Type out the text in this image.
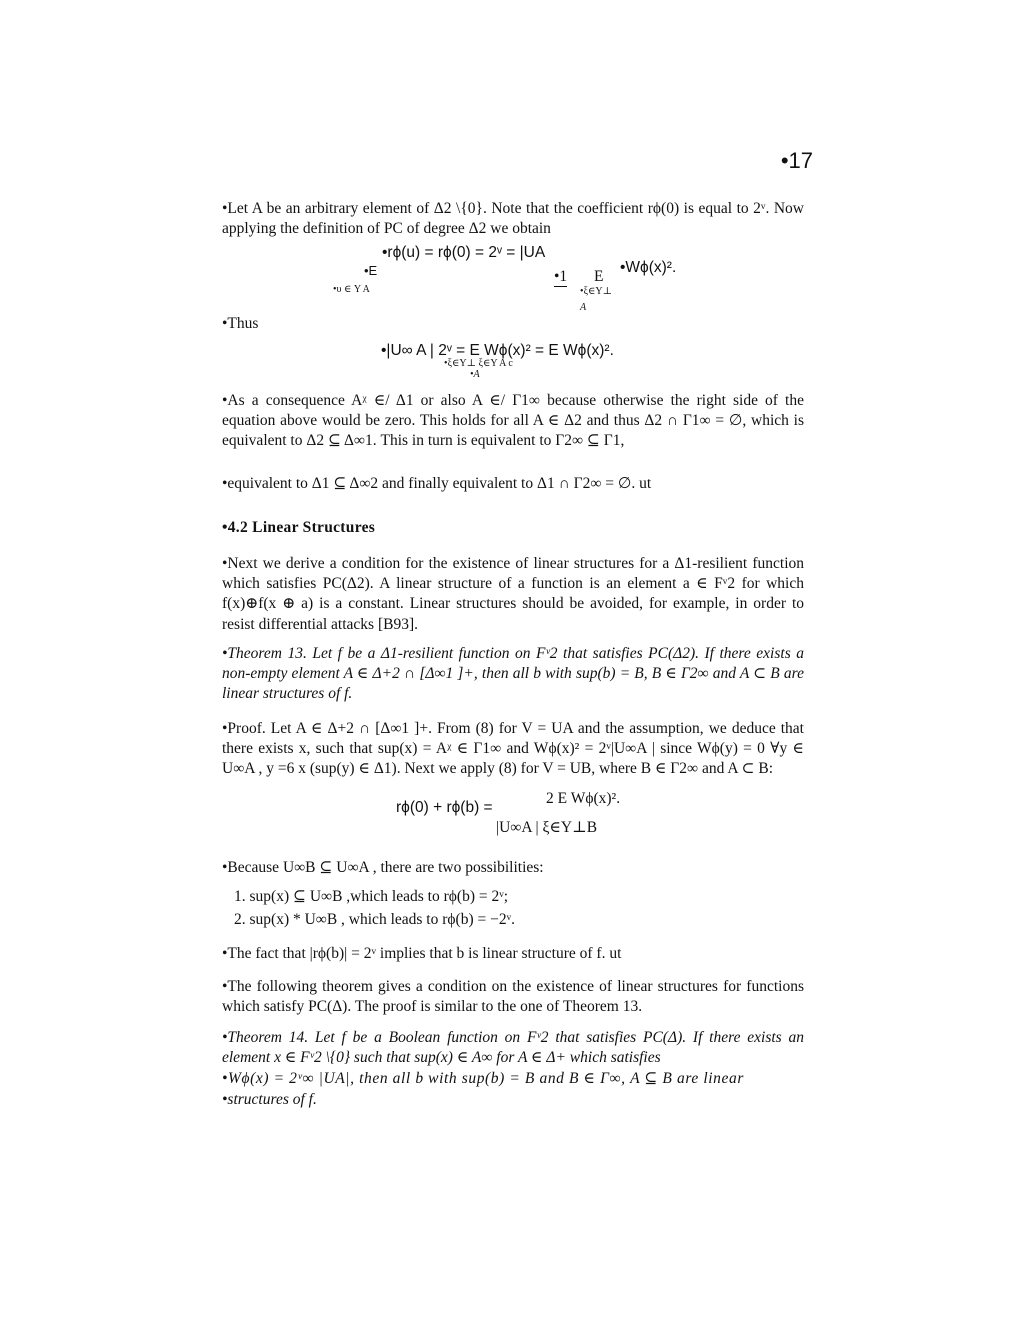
•17

•Let A be an arbitrary element of Δ2 \{0}. Note that the coefficient rϕ(0) is equal to 2ᵛ. Now applying the definition of PC of degree Δ2 we obtain

•rϕ(u) = rϕ(0) = 2ᵛ = |UA
•E
•υ ∈ Y A
•1 E
•ξ∈Y⊥
A
•Wϕ(x)².
•Thus
•|U∞ A | 2ᵛ = E Wϕ(x)² = E Wϕ(x)².
•ξ∈Y⊥ ξ∈Y A c
•A

•As a consequence Aᵡ ∈/ Δ1 or also A ∈/ Γ1∞ because otherwise the right side of the equation above would be zero. This holds for all A ∈ Δ2 and thus Δ2 ∩ Γ1∞ = ∅, which is equivalent to Δ2 ⊆ Δ∞1. This in turn is equivalent to Γ2∞ ⊆ Γ1,

•equivalent to Δ1 ⊆ Δ∞2 and finally equivalent to Δ1 ∩ Γ2∞ = ∅. ut

•4.2 Linear Structures

•Next we derive a condition for the existence of linear structures for a Δ1-resilient function which satisfies PC(Δ2). A linear structure of a function is an element a ∈ Fᵛ2 for which f(x)⊕f(x ⊕ a) is a constant. Linear structures should be avoided, for example, in order to resist differential attacks [B93].

•Theorem 13. Let f be a Δ1-resilient function on Fᵛ2 that satisfies PC(Δ2). If there exists a non-empty element A ∈ Δ+2 ∩ [Δ∞1 ]+, then all b with sup(b) = B, B ∈ Γ2∞ and A ⊂ B are linear structures of f.

•Proof. Let A ∈ Δ+2 ∩ [Δ∞1 ]+. From (8) for V = UA and the assumption, we deduce that there exists x, such that sup(x) = Aᵡ ∈ Γ1∞ and Wϕ(x)² = 2ᵛ|U∞A | since Wϕ(y) = 0 ∀y ∈ U∞A , y =6 x (sup(y) ∈ Δ1). Next we apply (8) for V = UB, where B ∈ Γ2∞ and A ⊂ B:

rϕ(0) + rϕ(b) =
2 E Wϕ(x)².
|U∞A | ξ∈Y⊥B

•Because U∞B ⊆ U∞A , there are two possibilities:

1. sup(x) ⊆ U∞B ,which leads to rϕ(b) = 2ᵛ;
2. sup(x) * U∞B , which leads to rϕ(b) = −2ᵛ.

•The fact that |rϕ(b)| = 2ᵛ implies that b is linear structure of f. ut

•The following theorem gives a condition on the existence of linear structures for functions which satisfy PC(Δ). The proof is similar to the one of Theorem 13.

•Theorem 14. Let f be a Boolean function on Fᵛ2 that satisfies PC(Δ). If there exists an element x ∈ Fᵛ2 \{0} such that sup(x) ∈ A∞ for A ∈ Δ+ which satisfies

•Wϕ(x) = 2ᵛ∞ |UA|, then all b with sup(b) = B and B ∈ Γ∞, A ⊆ B are linear
•structures of f.
